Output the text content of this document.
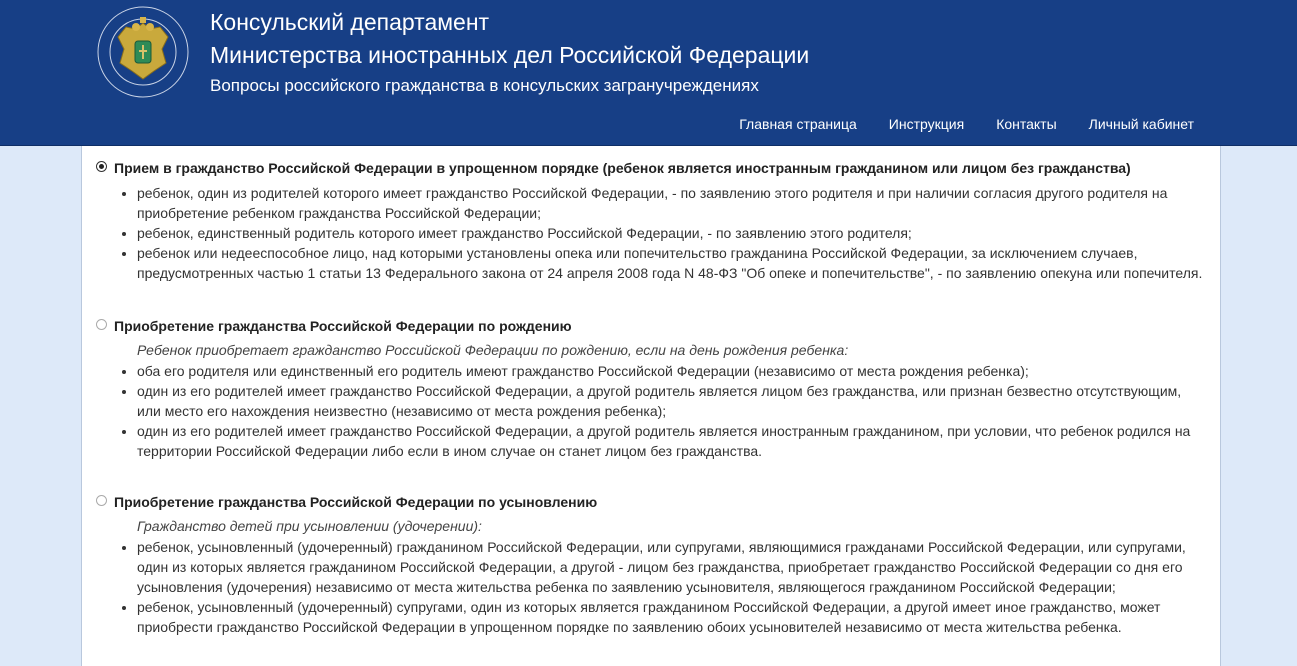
Консульский департамент
Министерства иностранных дел Российской Федерации
Вопросы российского гражданства в консульских загранучреждениях
Главная страница	Инструкция	Контакты	Личный кабинет
Прием в гражданство Российской Федерации в упрощенном порядке (ребенок является иностранным гражданином или лицом без гражданства)
• ребенок, один из родителей которого имеет гражданство Российской Федерации, - по заявлению этого родителя и при наличии согласия другого родителя на
приобретение ребенком гражданства Российской Федерации;
• ребенок, единственный родитель которого имеет гражданство Российской Федерации, - по заявлению этого родителя;
• ребенок или недееспособное лицо, над которыми установлены опека или попечительство гражданина Российской Федерации, за исключением случаев,
предусмотренных частью 1 статьи 13 Федерального закона от 24 апреля 2008 года N 48-ФЗ "Об опеке и попечительстве", - по заявлению опекуна или попечителя.
Приобретение гражданства Российской Федерации по рождению
Ребенок приобретает гражданство Российской Федерации по рождению, если на день рождения ребенка:
• оба его родителя или единственный его родитель имеют гражданство Российской Федерации (независимо от места рождения ребенка);
• один из его родителей имеет гражданство Российской Федерации, а другой родитель является лицом без гражданства, или признан безвестно отсутствующим,
или место его нахождения неизвестно (независимо от места рождения ребенка);
• один из его родителей имеет гражданство Российской Федерации, а другой родитель является иностранным гражданином, при условии, что ребенок родился на
территории Российской Федерации либо если в ином случае он станет лицом без гражданства.
Приобретение гражданства Российской Федерации по усыновлению
Гражданство детей при усыновлении (удочерении):
• ребенок, усыновленный (удочеренный) гражданином Российской Федерации, или супругами, являющимися гражданами Российской Федерации, или супругами,
один из которых является гражданином Российской Федерации, а другой - лицом без гражданства, приобретает гражданство Российской Федерации со дня его
усыновления (удочерения) независимо от места жительства ребенка по заявлению усыновителя, являющегося гражданином Российской Федерации;
• ребенок, усыновленный (удочеренный) супругами, один из которых является гражданином Российской Федерации, а другой имеет иное гражданство, может
приобрести гражданство Российской Федерации в упрощенном порядке по заявлению обоих усыновителей независимо от места жительства ребенка.
